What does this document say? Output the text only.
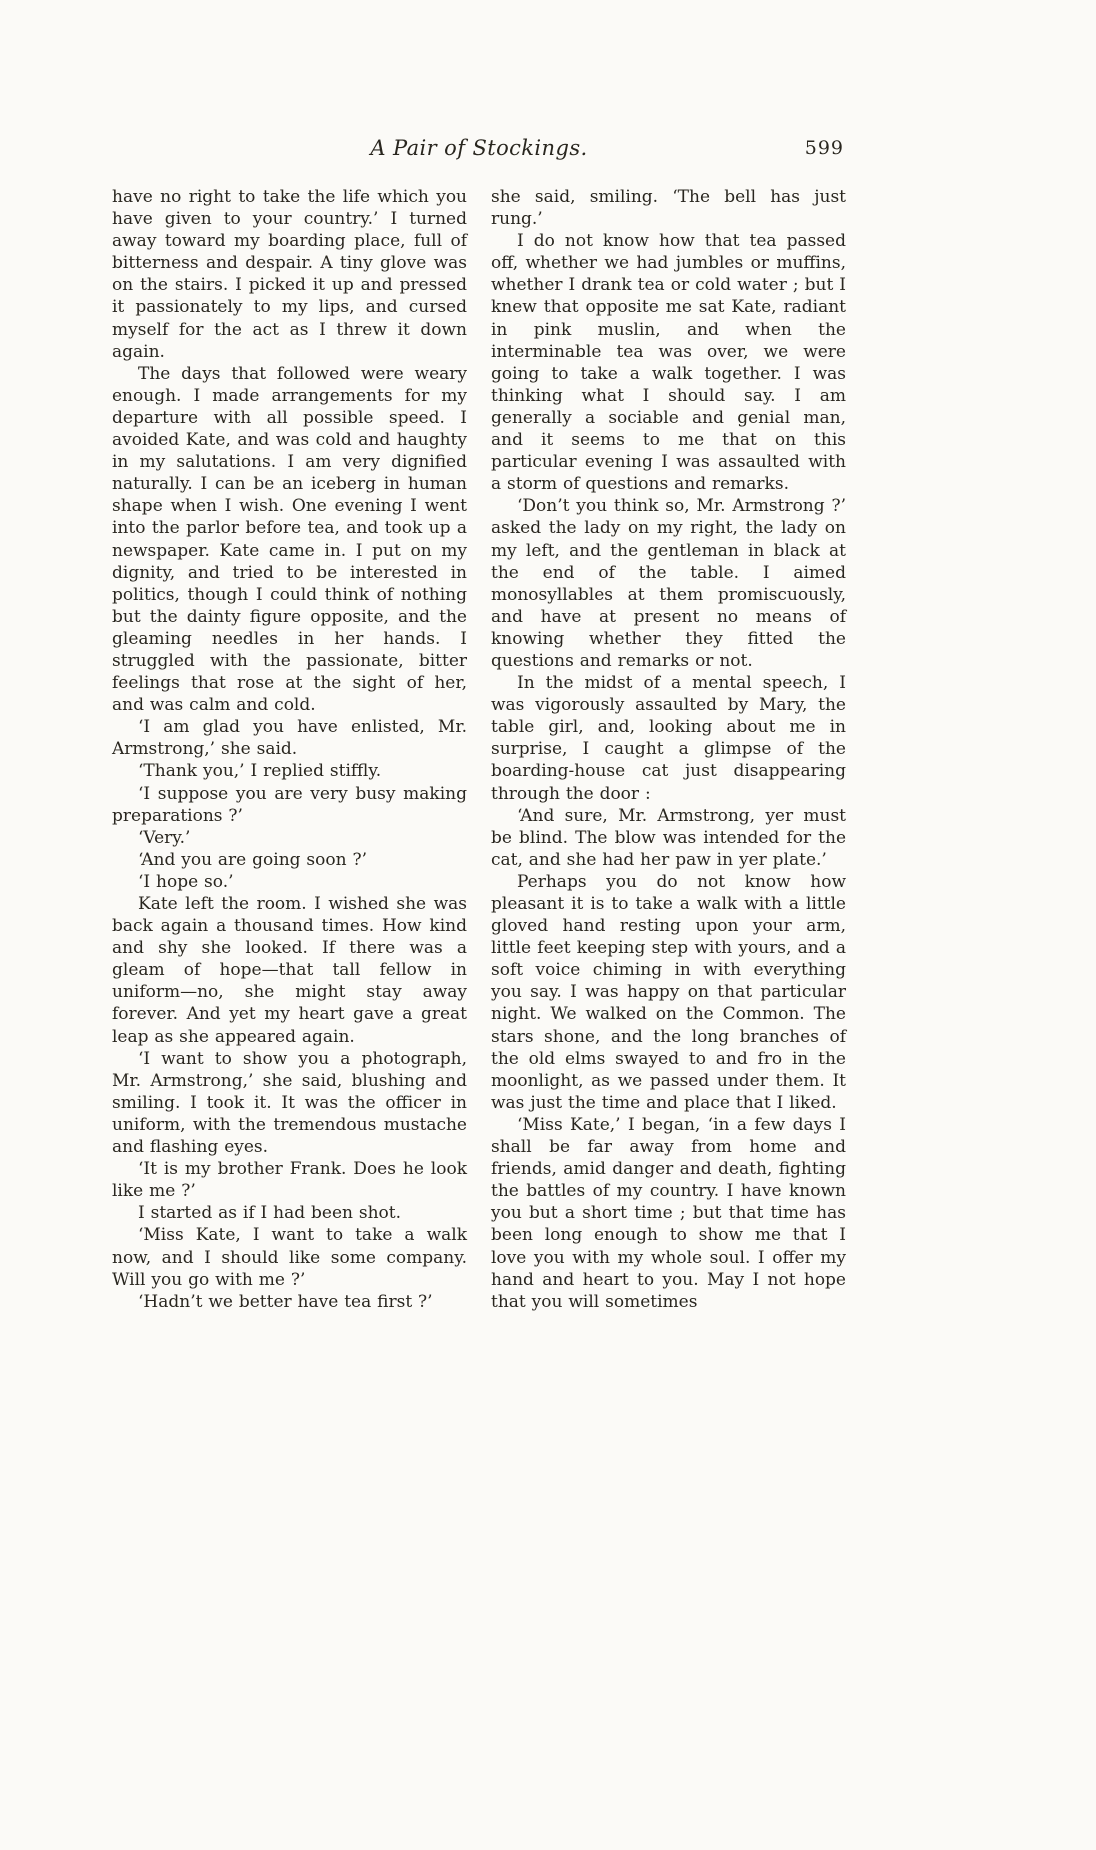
A Pair of Stockings.	599

have no right to take the life which you have given to your country.’ I turned away toward my boarding place, full of bitterness and despair. A tiny glove was on the stairs. I picked it up and pressed it passionately to my lips, and cursed myself for the act as I threw it down again.

The days that followed were weary enough. I made arrangements for my departure with all possible speed. I avoided Kate, and was cold and haughty in my salutations. I am very dignified naturally. I can be an iceberg in human shape when I wish. One evening I went into the parlor before tea, and took up a newspaper. Kate came in. I put on my dignity, and tried to be interested in politics, though I could think of nothing but the dainty figure opposite, and the gleaming needles in her hands. I struggled with the passionate, bitter feelings that rose at the sight of her, and was calm and cold.

‘I am glad you have enlisted, Mr. Armstrong,’ she said.

‘Thank you,’ I replied stiffly.

‘I suppose you are very busy making preparations ?’

‘Very.’

‘And you are going soon ?’

‘I hope so.’

Kate left the room. I wished she was back again a thousand times. How kind and shy she looked. If there was a gleam of hope—that tall fellow in uniform—no, she might stay away forever. And yet my heart gave a great leap as she appeared again.

‘I want to show you a photograph, Mr. Armstrong,’ she said, blushing and smiling. I took it. It was the officer in uniform, with the tremendous mustache and flashing eyes.

‘It is my brother Frank. Does he look like me ?’

I started as if I had been shot.

‘Miss Kate, I want to take a walk now, and I should like some company. Will you go with me ?’

‘Hadn’t we better have tea first ?’

she said, smiling. ‘The bell has just rung.’

I do not know how that tea passed off, whether we had jumbles or muffins, whether I drank tea or cold water ; but I knew that opposite me sat Kate, radiant in pink muslin, and when the interminable tea was over, we were going to take a walk together. I was thinking what I should say. I am generally a sociable and genial man, and it seems to me that on this particular evening I was assaulted with a storm of questions and remarks.

‘Don’t you think so, Mr. Armstrong ?’ asked the lady on my right, the lady on my left, and the gentleman in black at the end of the table. I aimed monosyllables at them promiscuously, and have at present no means of knowing whether they fitted the questions and remarks or not.

In the midst of a mental speech, I was vigorously assaulted by Mary, the table girl, and, looking about me in surprise, I caught a glimpse of the boarding-house cat just disappearing through the door :

‘And sure, Mr. Armstrong, yer must be blind. The blow was intended for the cat, and she had her paw in yer plate.’

Perhaps you do not know how pleasant it is to take a walk with a little gloved hand resting upon your arm, little feet keeping step with yours, and a soft voice chiming in with everything you say. I was happy on that particular night. We walked on the Common. The stars shone, and the long branches of the old elms swayed to and fro in the moonlight, as we passed under them. It was just the time and place that I liked.

‘Miss Kate,’ I began, ‘in a few days I shall be far away from home and friends, amid danger and death, fighting the battles of my country. I have known you but a short time ; but that time has been long enough to show me that I love you with my whole soul. I offer my hand and heart to you. May I not hope that you will sometimes
